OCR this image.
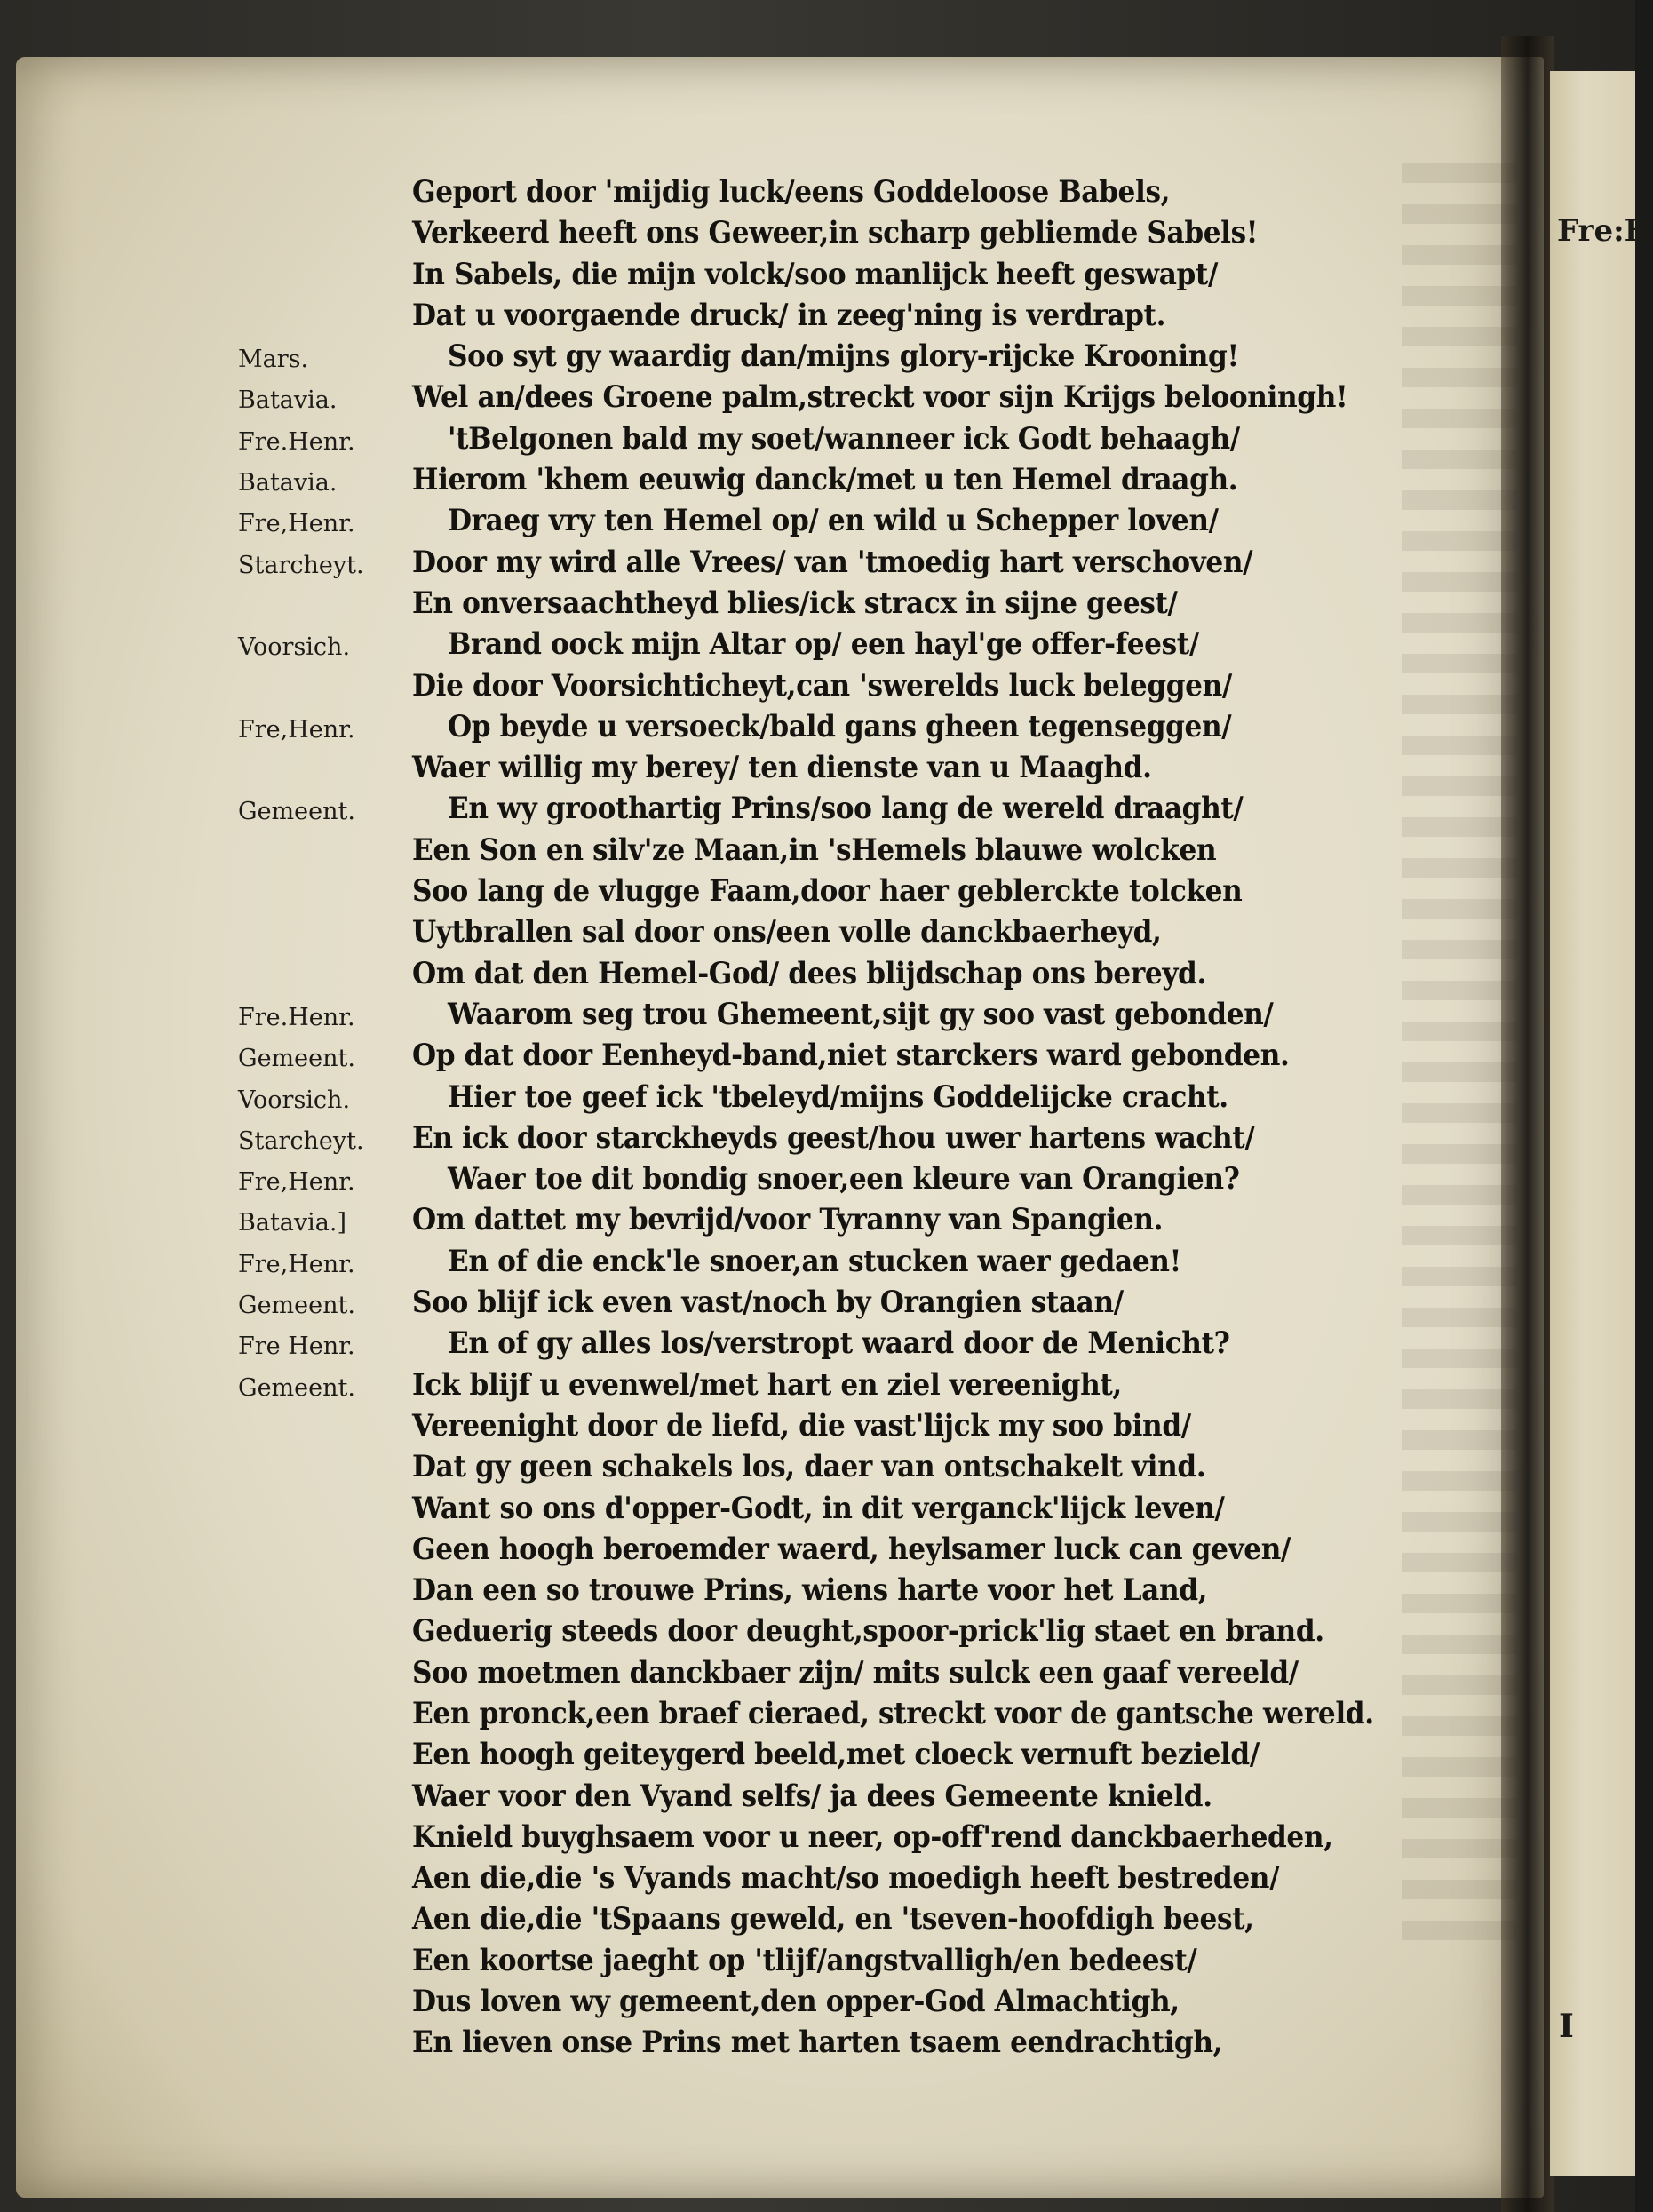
Fre:H
I
Geport door 'mijdig luck/eens Goddeloose Babels,
Verkeerd heeft ons Geweer,in scharp gebliemde Sabels!
In Sabels, die mijn volck/soo manlijck heeft geswapt/
Dat u voorgaende druck/ in zeeg'ning is verdrapt.
Mars.	Soo syt gy waardig dan/mijns glory-rijcke Krooning!
Batavia.	Wel an/dees Groene palm,streckt voor sijn Krijgs belooningh!
Fre.Henr.	'tBelgonen bald my soet/wanneer ick Godt behaagh/
Batavia.	Hierom 'khem eeuwig danck/met u ten Hemel draagh.
Fre,Henr.	Draeg vry ten Hemel op/ en wild u Schepper loven/
Starcheyt.	Door my wird alle Vrees/ van 'tmoedig hart verschoven/
En onversaachtheyd blies/ick stracx in sijne geest/
Voorsich.	Brand oock mijn Altar op/ een hayl'ge offer-feest/
Die door Voorsichticheyt,can 'swerelds luck beleggen/
Fre,Henr.	Op beyde u versoeck/bald gans gheen tegenseggen/
Waer willig my berey/ ten dienste van u Maaghd.
Gemeent.	En wy groothartig Prins/soo lang de wereld draaght/
Een Son en silv'ze Maan,in 'sHemels blauwe wolcken
Soo lang de vlugge Faam,door haer geblerckte tolcken
Uytbrallen sal door ons/een volle danckbaerheyd,
Om dat den Hemel-God/ dees blijdschap ons bereyd.
Fre.Henr.	Waarom seg trou Ghemeent,sijt gy soo vast gebonden/
Gemeent.	Op dat door Eenheyd-band,niet starckers ward gebonden.
Voorsich.	Hier toe geef ick 'tbeleyd/mijns Goddelijcke cracht.
Starcheyt.	En ick door starckheyds geest/hou uwer hartens wacht/
Fre,Henr.	Waer toe dit bondig snoer,een kleure van Orangien?
Batavia.]	Om dattet my bevrijd/voor Tyranny van Spangien.
Fre,Henr.	En of die enck'le snoer,an stucken waer gedaen!
Gemeent.	Soo blijf ick even vast/noch by Orangien staan/
Fre Henr.	En of gy alles los/verstropt waard door de Menicht?
Gemeent.	Ick blijf u evenwel/met hart en ziel vereenight,
Vereenight door de liefd, die vast'lijck my soo bind/
Dat gy geen schakels los, daer van ontschakelt vind.
Want so ons d'opper-Godt, in dit verganck'lijck leven/
Geen hoogh beroemder waerd, heylsamer luck can geven/
Dan een so trouwe Prins, wiens harte voor het Land,
Geduerig steeds door deught,spoor-prick'lig staet en brand.
Soo moetmen danckbaer zijn/ mits sulck een gaaf vereeld/
Een pronck,een braef cieraed, streckt voor de gantsche wereld.
Een hoogh geiteygerd beeld,met cloeck vernuft bezield/
Waer voor den Vyand selfs/ ja dees Gemeente knield.
Knield buyghsaem voor u neer, op-off'rend danckbaerheden,
Aen die,die 's Vyands macht/so moedigh heeft bestreden/
Aen die,die 'tSpaans geweld, en 'tseven-hoofdigh beest,
Een koortse jaeght op 'tlijf/angstvalligh/en bedeest/
Dus loven wy gemeent,den opper-God Almachtigh,
En lieven onse Prins met harten tsaem eendrachtigh,
